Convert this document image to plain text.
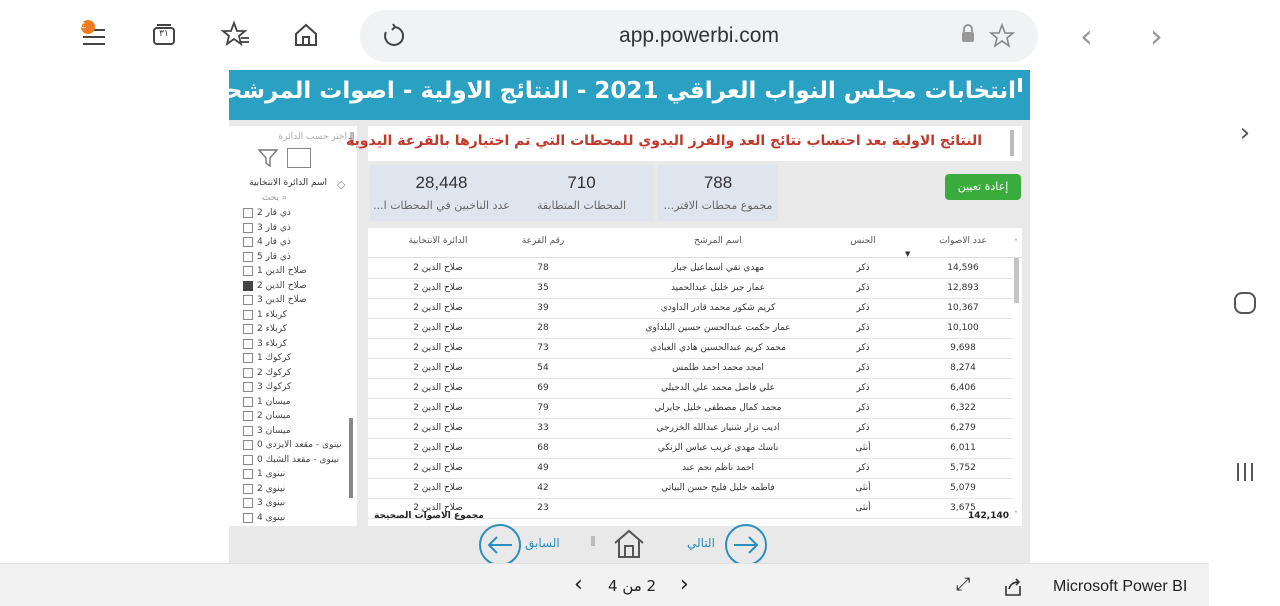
ج
٣١	app.powerbi.com	‹ ›
انتخابات مجلس النواب العراقي 2021 - النتائج الاولية - اصوات المرشحين حسب الدوائر
اختر حسب الدائرة
اسم الدائرة الانتخابية ◇
⌕ بحث
ذي قار 2
ذي قار 3
ذي قار 4
ذي قار 5
صلاح الدين 1
صلاح الدين 2
صلاح الدين 3
كربلاء 1
كربلاء 2
كربلاء 3
كركوك 1
كركوك 2
كركوك 3
ميسان 1
ميسان 2
ميسان 3
نينوى - مقعد الايزدي 0
نينوى - مقعد الشبك 0
نينوى 1
نينوى 2
نينوى 3
نينوى 4
النتائج الاولية بعد احتساب نتائج العد والفرز اليدوي للمحطات التي تم اختيارها بالقرعة اليدوية
28,448
عدد الناخبين في المحطات ا...
710
المحطات المتطابقة
788
مجموع محطات الاقتر...
إعادة تعيين
الدائرة الانتخابية	رقم القرعة	اسم المرشح	الجنس	عدد الاصوات
▼
صلاح الدين 2	78	مهدي تقي اسماعيل جبار	ذكر	14,596
صلاح الدين 2	35	عمار جبر خليل عبدالحميد	ذكر	12,893
صلاح الدين 2	39	كريم شكور محمد قادر الداودي	ذكر	10,367
صلاح الدين 2	28	عمار حكمت عبدالحسن حسين البلداوي	ذكر	10,100
صلاح الدين 2	73	محمد كريم عبدالحسين هادي العبادي	ذكر	9,698
صلاح الدين 2	54	امجد محمد احمد طلمس	ذكر	8,274
صلاح الدين 2	69	علي فاضل محمد علي الدجيلي	ذكر	6,406
صلاح الدين 2	79	محمد كمال مصطفى خليل جايرلي	ذكر	6,322
صلاح الدين 2	33	اديب نزار شنيار عبدالله الخزرجي	ذكر	6,279
صلاح الدين 2	68	ناسك مهدي غريب عباس الزنكي	أنثى	6,011
صلاح الدين 2	49	احمد ناظم نجم عبد	ذكر	5,752
صلاح الدين 2	42	فاطمه خليل فليح حسن البياتي	أنثى	5,079
صلاح الدين 2	23	أنثى	3,675
˄
˅
مجموع الاصوات الصحيحة	142,140
السابق	التالي
‹ 2 من 4 ›	⤢	Microsoft Power BI
›
